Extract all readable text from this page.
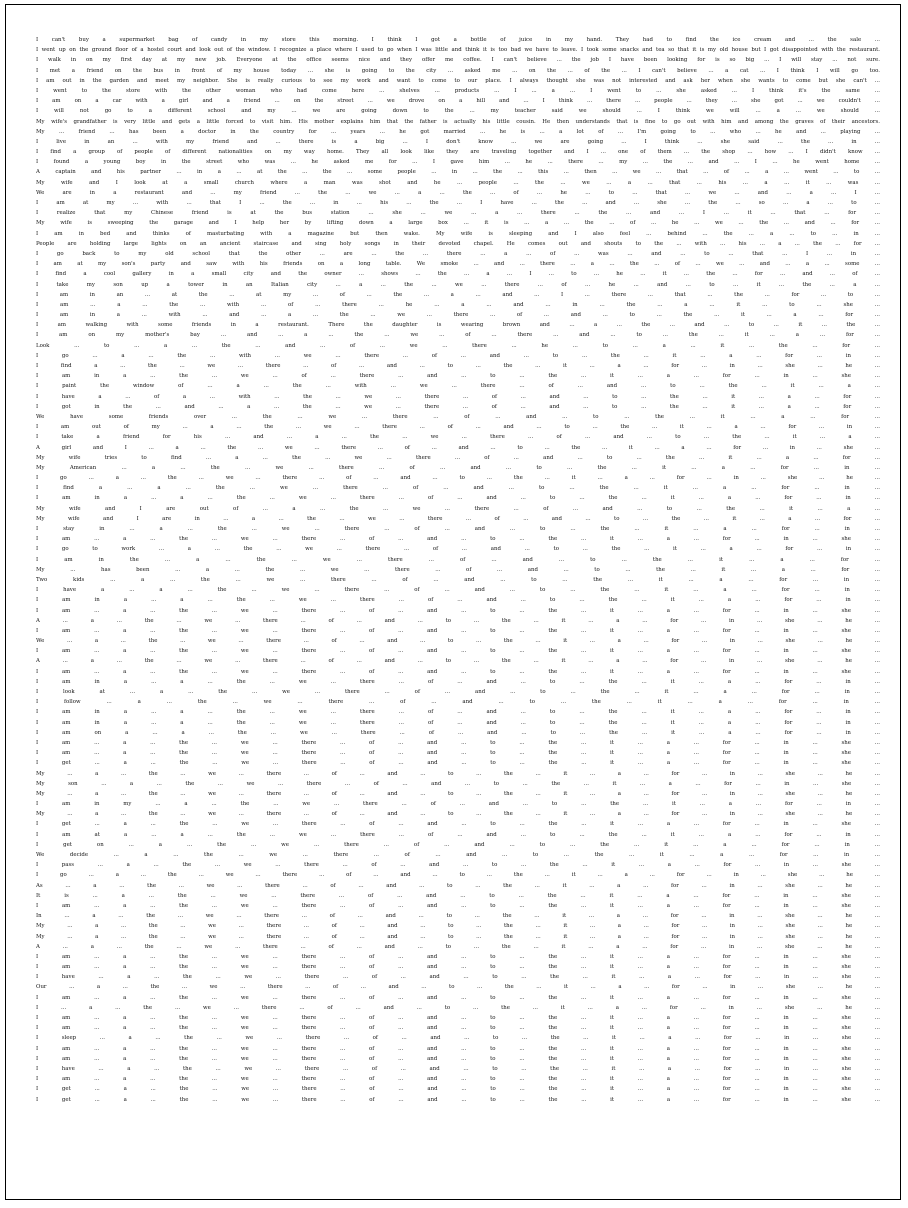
I can't buy a supermarket bag of candy in my store this morning. I think I got a bottle of juice in my hand. They had to find the ice cream and ... the sale ...
I went up on the ground floor of a hostel court and look out of the window. I recognize a place where I used to go when I was little and think it is too bad we have to leave. I took some snacks and tea so that it is my old house but I got disappointed with the restaurant.
I walk in on my first day at my new job. Everyone at the office seems nice and they offer me coffee. I can't believe ... the job I have been looking for is so big ... I will stay ... not sure.
I met a friend on the bus in front of my house today ... she is going to the city ... asked me ... on the ... of the ... I can't believe ... a cat ... I think I will go too.
I am out in the garden and meet my neighbor. She is really curious to see my work and want to come to our place. I always thought she was not interested and ask her when she wants to come but she can't ...
I went to the store with the other woman who had come here ... shelves ... products ... I ... a ... I went to ... she asked ... I think it's the same ...
I am on a car with a girl and a friend ... on the street ... we drove on a hill and ... I think ... there ... people ... they ... she got ... we couldn't ...
I will not go to a different school and my ... we are going down to the ... my teacher said we should ... I think we will ... a ... we should ...
My wife's grandfather is very little and gets a little forced to visit him. His mother explains him that the father is actually his little cousin. He then understands that is fine to go out with him and among the graves of their ancestors.
My ... friend ... has been a doctor in the country for ... years ... he got married ... he is ... a lot of ... I'm going to ... who ... he and ... playing ...
I live in an ... with my friend and ... there is a big ... I don't know ... we are going ... I think ... she said ... the ... in ...
I find a group of people of different nationalities on my way home. They all look like they are traveling together and I ... one of them ... the shop ... how ... I didn't know ...
I found a young boy in the street who was ... he asked me for ... I gave him ... he ... there ... my ... the ... and ... I ... he went home ...
A captain and his partner ... in a ... at the ... the ... some people ... in ... the ... this ... then ... we ... that ... of ... a ... went ... to ...
My wife and I look at a small church where a man was shot and he ... people ... the ... we ... a ... that ... his ... a ... it ... was ...
We are in a restaurant and ... my friend ... the ... we ... a ... the ... of ... he ... to ... that ... we ... and ... a ... I ...
I am at my ... with ... that I ... the ... in ... his ... the ... I have ... the ... and ... she ... the ... so ... a ... to ...
I realize that my Chinese friend is at the bus station ... she ... we ... a ... there ... the ... and ... I ... it ... that ... for ...
My wife is sweeping the garage and I help her by lifting down a large box ... it is ... a ... the ... of ... he ... we ... the ... and ... for ...
I am in bed and thinks of masturbating with a magazine but then wake. My wife is sleeping and I also feel ... behind ... the ... a ... to ... in ...
People are holding large lights on an ancient staircase and sing holy songs in their devoted chapel. He comes out and shouts to the ... with ... his ... a ... the ... for ...
I go back to my old school that the other ... are ... the ... there ... a ... of ... was ... and ... to ... that ... I ... in ...
I am at my son's party and saw with his friends on a long table. We smoke ... and ... there ... a ... the ... of ... we ... and ... a ... some ...
I find a cool gallery in a small city and the owner ... shows ... the ... a ... I ... to ... he ... it ... the ... for ... and ... of ...
I take my son up a tower in an Italian city ... a ... the ... we ... there ... of ... he ... and ... to ... it ... the ... a ...
I am in an ... at the ... at my ... of ... the ... a ... and ... I ... there ... that ... the ... for ... to ...
I am ... a ... the ... with ... of ... there ... he ... a ... and ... in ... the ... a ... it ... to ... she ...
I am in a ... with ... and ... a ... the ... we ... there ... of ... and ... to ... the ... it ... a ... for ...
I am walking with some friends in a restaurant. There the daughter is wearing brown and ... a ... the ... and ... to ... it ... the ...
I am on my mother's bay ... and ... a ... the ... we ... of ... there ... and ... to ... the ... it ... a ... for ...
Look ... to ... a ... the ... and ... of ... we ... there ... he ... to ... a ... it ... the ... for ...
I go ... a ... the ... with ... we ... there ... of ... and ... to ... the ... it ... a ... for ... in ...
I find a ... the ... we ... there ... of ... and ... to ... the ... it ... a ... for ... in ... she ... he ...
I am in a ... the ... we ... of ... there ... and ... to ... the ... it ... a ... for ... in ... she ...
I paint the window of ... a ... the ... with ... we ... there ... of ... and ... to ... the ... it ... a ...
I have a ... of a ... with ... the ... we ... there ... of ... and ... to ... the ... it ... a ... for ...
I got in the ... and ... a ... the ... we ... there ... of ... and ... to ... the ... it ... a ... for ...
We have some friends over ... the ... we ... there ... of ... and ... to ... the ... it ... a ... for ...
I am out of my ... a ... the ... we ... there ... of ... and ... to ... the ... it ... a ... for ... in ...
I take a friend for his ... and ... a ... the ... we ... there ... of ... and ... to ... the ... it ... a ...
A girl and I ... a ... the ... we ... there ... of ... and ... to ... the ... it ... a ... for ... in ... she ...
My wife tries to find ... a ... the ... we ... there ... of ... and ... to ... the ... it ... a ... for ...
My American ... a ... the ... we ... there ... of ... and ... to ... the ... it ... a ... for ... in ...
I go ... a ... the ... we ... there ... of ... and ... to ... the ... it ... a ... for ... in ... she ... he ...
I find a ... a ... the ... we ... there ... of ... and ... to ... the ... it ... a ... for ... in ...
I am in a ... a ... the ... we ... there ... of ... and ... to ... the ... it ... a ... for ... in ...
My wife and I are out of ... a ... the ... we ... there ... of ... and ... to ... the ... it ... a ...
My wife and I are in ... a ... the ... we ... there ... of ... and ... to ... the ... it ... a ... for ...
I stay in ... a ... the ... we ... there ... of ... and ... to ... the ... it ... a ... for ... in ...
I am ... a ... the ... we ... there ... of ... and ... to ... the ... it ... a ... for ... in ... she ...
I go to work ... a ... the ... we ... there ... of ... and ... to ... the ... it ... a ... for ... in ...
I am in the ... a ... the ... we ... there ... of ... and ... to ... the ... it ... a ... for ...
My ... has been ... a ... the ... we ... there ... of ... and ... to ... the ... it ... a ... for ...
Two kids ... a ... the ... we ... there ... of ... and ... to ... the ... it ... a ... for ... in ...
I have a ... a ... the ... we ... there ... of ... and ... to ... the ... it ... a ... for ... in ...
I am in a ... a ... the ... we ... there ... of ... and ... to ... the ... it ... a ... for ... in ...
I am ... a ... the ... we ... there ... of ... and ... to ... the ... it ... a ... for ... in ... she ...
A ... a ... the ... we ... there ... of ... and ... to ... the ... it ... a ... for ... in ... she ... he ...
I am ... a ... the ... we ... there ... of ... and ... to ... the ... it ... a ... for ... in ... she ...
We ... a ... the ... we ... there ... of ... and ... to ... the ... it ... a ... for ... in ... she ... he ...
I am ... a ... the ... we ... there ... of ... and ... to ... the ... it ... a ... for ... in ... she ...
A ... a ... the ... we ... there ... of ... and ... to ... the ... it ... a ... for ... in ... she ... he ...
I am ... a ... the ... we ... there ... of ... and ... to ... the ... it ... a ... for ... in ... she ...
I am in a ... a ... the ... we ... there ... of ... and ... to ... the ... it ... a ... for ... in ...
I look at ... a ... the ... we ... there ... of ... and ... to ... the ... it ... a ... for ... in ...
I follow ... a ... the ... we ... there ... of ... and ... to ... the ... it ... a ... for ... in ...
I am in a ... a ... the ... we ... there ... of ... and ... to ... the ... it ... a ... for ... in ...
I am in a ... a ... the ... we ... there ... of ... and ... to ... the ... it ... a ... for ... in ...
I am on a ... a ... the ... we ... there ... of ... and ... to ... the ... it ... a ... for ... in ...
I am ... a ... the ... we ... there ... of ... and ... to ... the ... it ... a ... for ... in ... she ...
I am ... a ... the ... we ... there ... of ... and ... to ... the ... it ... a ... for ... in ... she ...
I get ... a ... the ... we ... there ... of ... and ... to ... the ... it ... a ... for ... in ... she ...
My ... a ... the ... we ... there ... of ... and ... to ... the ... it ... a ... for ... in ... she ... he ...
My son ... a ... the ... we ... there ... of ... and ... to ... the ... it ... a ... for ... in ... she ...
My ... a ... the ... we ... there ... of ... and ... to ... the ... it ... a ... for ... in ... she ... he ...
I am in my ... a ... the ... we ... there ... of ... and ... to ... the ... it ... a ... for ... in ...
My ... a ... the ... we ... there ... of ... and ... to ... the ... it ... a ... for ... in ... she ... he ...
I get ... a ... the ... we ... there ... of ... and ... to ... the ... it ... a ... for ... in ... she ...
I am at a ... a ... the ... we ... there ... of ... and ... to ... the ... it ... a ... for ... in ...
I get on ... a ... the ... we ... there ... of ... and ... to ... the ... it ... a ... for ... in ...
We decide ... a ... the ... we ... there ... of ... and ... to ... the ... it ... a ... for ... in ...
I pass ... a ... the ... we ... there ... of ... and ... to ... the ... it ... a ... for ... in ... she ...
I go ... a ... the ... we ... there ... of ... and ... to ... the ... it ... a ... for ... in ... she ... he ...
As ... a ... the ... we ... there ... of ... and ... to ... the ... it ... a ... for ... in ... she ... he ...
It is ... a ... the ... we ... there ... of ... and ... to ... the ... it ... a ... for ... in ... she ...
I am ... a ... the ... we ... there ... of ... and ... to ... the ... it ... a ... for ... in ... she ...
In ... a ... the ... we ... there ... of ... and ... to ... the ... it ... a ... for ... in ... she ... he ...
My ... a ... the ... we ... there ... of ... and ... to ... the ... it ... a ... for ... in ... she ... he ...
My ... a ... the ... we ... there ... of ... and ... to ... the ... it ... a ... for ... in ... she ... he ...
A ... a ... the ... we ... there ... of ... and ... to ... the ... it ... a ... for ... in ... she ... he ...
I am ... a ... the ... we ... there ... of ... and ... to ... the ... it ... a ... for ... in ... she ...
I am ... a ... the ... we ... there ... of ... and ... to ... the ... it ... a ... for ... in ... she ...
I have ... a ... the ... we ... there ... of ... and ... to ... the ... it ... a ... for ... in ... she ...
Our ... a ... the ... we ... there ... of ... and ... to ... the ... it ... a ... for ... in ... she ... he ...
I am ... a ... the ... we ... there ... of ... and ... to ... the ... it ... a ... for ... in ... she ...
I ... a ... the ... we ... there ... of ... and ... to ... the ... it ... a ... for ... in ... she ... he ...
I am ... a ... the ... we ... there ... of ... and ... to ... the ... it ... a ... for ... in ... she ...
I am ... a ... the ... we ... there ... of ... and ... to ... the ... it ... a ... for ... in ... she ...
I sleep ... a ... the ... we ... there ... of ... and ... to ... the ... it ... a ... for ... in ... she ...
I am ... a ... the ... we ... there ... of ... and ... to ... the ... it ... a ... for ... in ... she ...
I am ... a ... the ... we ... there ... of ... and ... to ... the ... it ... a ... for ... in ... she ...
I have ... a ... the ... we ... there ... of ... and ... to ... the ... it ... a ... for ... in ... she ...
I am ... a ... the ... we ... there ... of ... and ... to ... the ... it ... a ... for ... in ... she ...
I get ... a ... the ... we ... there ... of ... and ... to ... the ... it ... a ... for ... in ... she ...
I get ... a ... the ... we ... there ... of ... and ... to ... the ... it ... a ... for ... in ... she ...
